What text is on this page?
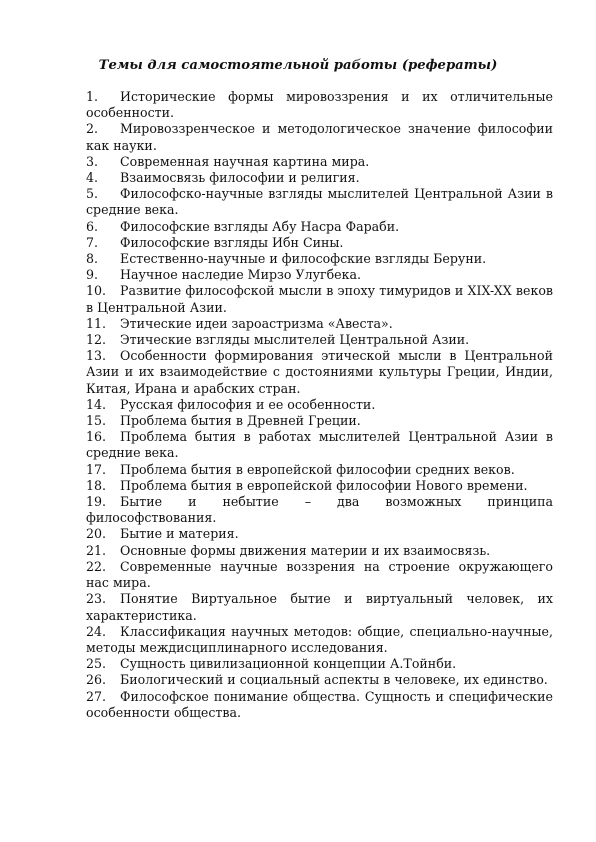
Темы для самостоятельной работы (рефераты)
1. Исторические формы мировоззрения и их отличительные особенности.
2. Мировоззренческое и методологическое значение философии как науки.
3. Современная научная картина мира.
4. Взаимосвязь философии и религия.
5. Философско-научные взгляды мыслителей Центральной Азии в средние века.
6. Философские взгляды Абу Насра Фараби.
7. Философские взгляды Ибн Сины.
8. Естественно-научные и философские взгляды Беруни.
9. Научное наследие Мирзо Улугбека.
10. Развитие философской мысли в эпоху тимуридов и XIX-XX веков в Центральной Азии.
11. Этические идеи зароастризма «Авеста».
12. Этические взгляды мыслителей Центральной Азии.
13. Особенности формирования этической мысли в Центральной Азии и их взаимодействие с достояниями культуры Греции, Индии, Китая, Ирана и арабских стран.
14. Русская философия и ее особенности.
15. Проблема бытия в Древней Греции.
16. Проблема бытия в работах мыслителей Центральной Азии в средние века.
17. Проблема бытия в европейской философии средних веков.
18. Проблема бытия в европейской философии Нового времени.
19. Бытие и небытие – два возможных принципа философствования.
20. Бытие и материя.
21. Основные формы движения материи и их взаимосвязь.
22. Современные научные воззрения на строение окружающего нас мира.
23. Понятие Виртуальное бытие и виртуальный человек, их характеристика.
24. Классификация научных методов: общие, специально-научные, методы междисциплинарного исследования.
25. Сущность цивилизационной концепции А.Тойнби.
26. Биологический и социальный аспекты в человеке, их единство.
27. Философское понимание общества. Сущность и специфические особенности общества.
